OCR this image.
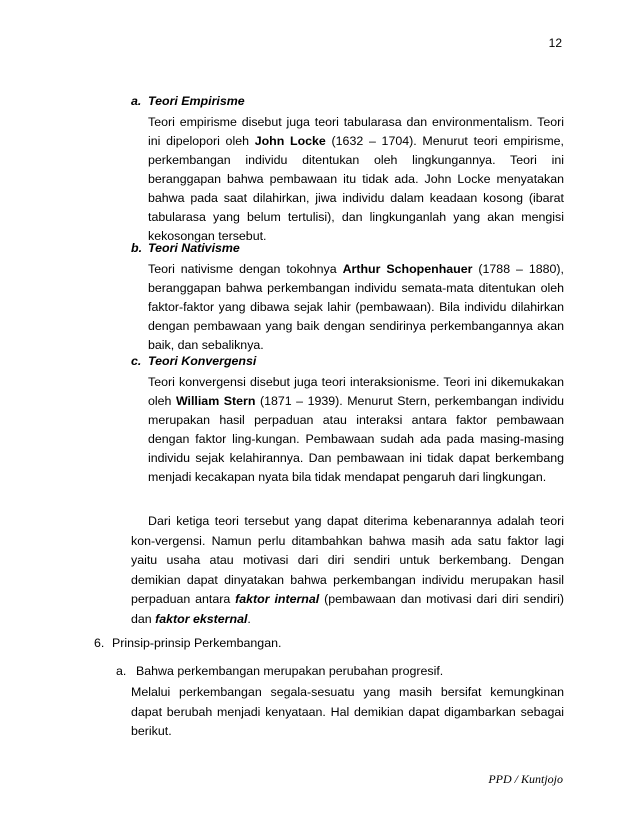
12
a. Teori Empirisme

Teori empirisme disebut juga teori tabularasa dan environmentalism. Teori ini dipelopori oleh John Locke (1632 – 1704). Menurut teori empirisme, perkembangan individu ditentukan oleh lingkungannya. Teori ini beranggapan bahwa pembawaan itu tidak ada. John Locke menyatakan bahwa pada saat dilahirkan, jiwa individu dalam keadaan kosong (ibarat tabularasa yang belum tertulisi), dan lingkunganlah yang akan mengisi kekosongan tersebut.

b. Teori Nativisme

Teori nativisme dengan tokohnya Arthur Schopenhauer (1788 – 1880), beranggapan bahwa perkembangan individu semata-mata ditentukan oleh faktor-faktor yang dibawa sejak lahir (pembawaan). Bila individu dilahirkan dengan pembawaan yang baik dengan sendirinya perkembangannya akan baik, dan sebaliknya.

c. Teori Konvergensi

Teori konvergensi disebut juga teori interaksionisme. Teori ini dikemukakan oleh William Stern (1871 – 1939). Menurut Stern, perkembangan individu merupakan hasil perpaduan atau interaksi antara faktor pembawaan dengan faktor ling-kungan. Pembawaan sudah ada pada masing-masing individu sejak kelahirannya. Dan pembawaan ini tidak dapat berkembang menjadi kecakapan nyata bila tidak mendapat pengaruh dari lingkungan.

Dari ketiga teori tersebut yang dapat diterima kebenarannya adalah teori kon-vergensi. Namun perlu ditambahkan bahwa masih ada satu faktor lagi yaitu usaha atau motivasi dari diri sendiri untuk berkembang. Dengan demikian dapat dinyatakan bahwa perkembangan individu merupakan hasil perpaduan antara faktor internal (pembawaan dan motivasi dari diri sendiri) dan faktor eksternal.

6. Prinsip-prinsip Perkembangan.
a. Bahwa perkembangan merupakan perubahan progresif.

Melalui perkembangan segala-sesuatu yang masih bersifat kemungkinan dapat berubah menjadi kenyataan. Hal demikian dapat digambarkan sebagai berikut.

PPD / Kuntjojo
